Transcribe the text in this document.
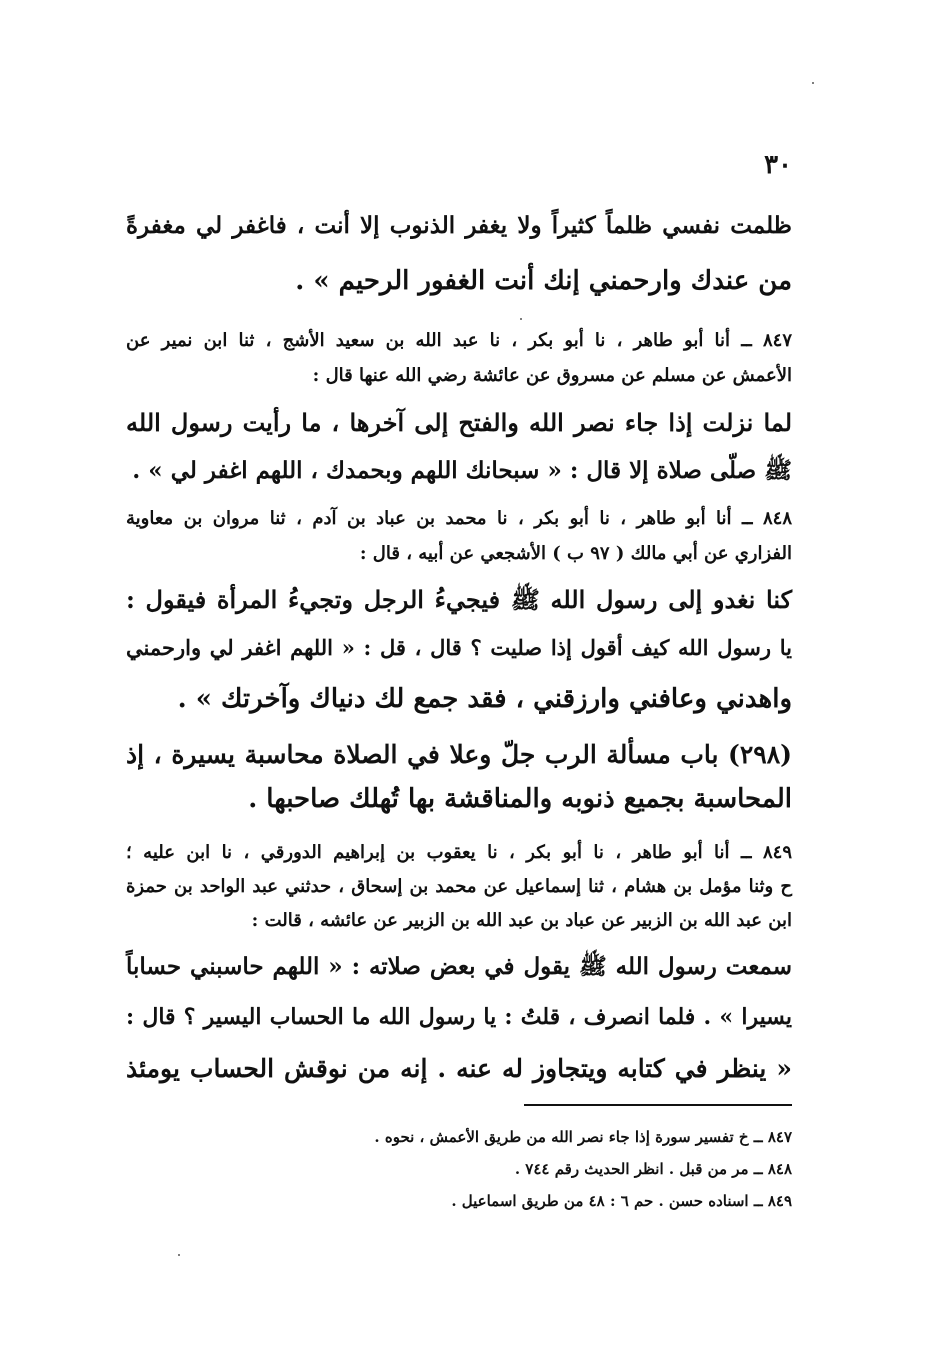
٣٠
ظلمت نفسي ظلماً كثيراً ولا يغفر الذنوب إلا أنت ، فاغفر لي مغفرةً
من عندك وارحمني إنك أنت الغفور الرحيم » .
٨٤٧ ــ أنا أبو طاهر ، نا أبو بكر ، نا عبد الله بن سعيد الأشج ، ثنا ابن نمير عن
الأعمش عن مسلم عن مسروق عن عائشة رضي الله عنها قال :
لما نزلت إذا جاء نصر الله والفتح إلى آخرها ، ما رأيت رسول الله
ﷺ صلّى صلاة إلا قال : « سبحانك اللهم وبحمدك ، اللهم اغفر لي » .
٨٤٨ ــ أنا أبو طاهر ، نا أبو بكر ، نا محمد بن عباد بن آدم ، ثنا مروان بن معاوية
الفزاري عن أبي مالك ( ٩٧ ب ) الأشجعي عن أبيه ، قال :
كنا نغدو إلى رسول الله ﷺ فيجيءُ الرجل وتجيءُ المرأة فيقول :
يا رسول الله كيف أقول إذا صليت ؟ قال ، قل : « اللهم اغفر لي وارحمني
واهدني وعافني وارزقني ، فقد جمع لك دنياك وآخرتك » .
(٢٩٨) باب مسألة الرب جلّ وعلا في الصلاة محاسبة يسيرة ، إذ
المحاسبة بجميع ذنوبه والمناقشة بها تُهلك صاحبها .
٨٤٩ ــ أنا أبو طاهر ، نا أبو بكر ، نا يعقوب بن إبراهيم الدورقي ، نا ابن عليه ؛
ح وثنا مؤمل بن هشام ، ثنا إسماعيل عن محمد بن إسحاق ، حدثني عبد الواحد بن حمزة
ابن عبد الله بن الزبير عن عباد بن عبد الله بن الزبير عن عائشه ، قالت :
سمعت رسول الله ﷺ يقول في بعض صلاته : « اللهم حاسبني حساباً
يسيرا » . فلما انصرف ، قلتُ : يا رسول الله ما الحساب اليسير ؟ قال :
« ينظر في كتابه ويتجاوز له عنه . إنه من نوقش الحساب يومئذ
٨٤٧ ــ خ تفسير سورة إذا جاء نصر الله من طريق الأعمش ، نحوه .
٨٤٨ ــ مر من قبل . انظر الحديث رقم ٧٤٤ .
٨٤٩ ــ اسناده حسن . حم ٦ : ٤٨ من طريق اسماعيل .
